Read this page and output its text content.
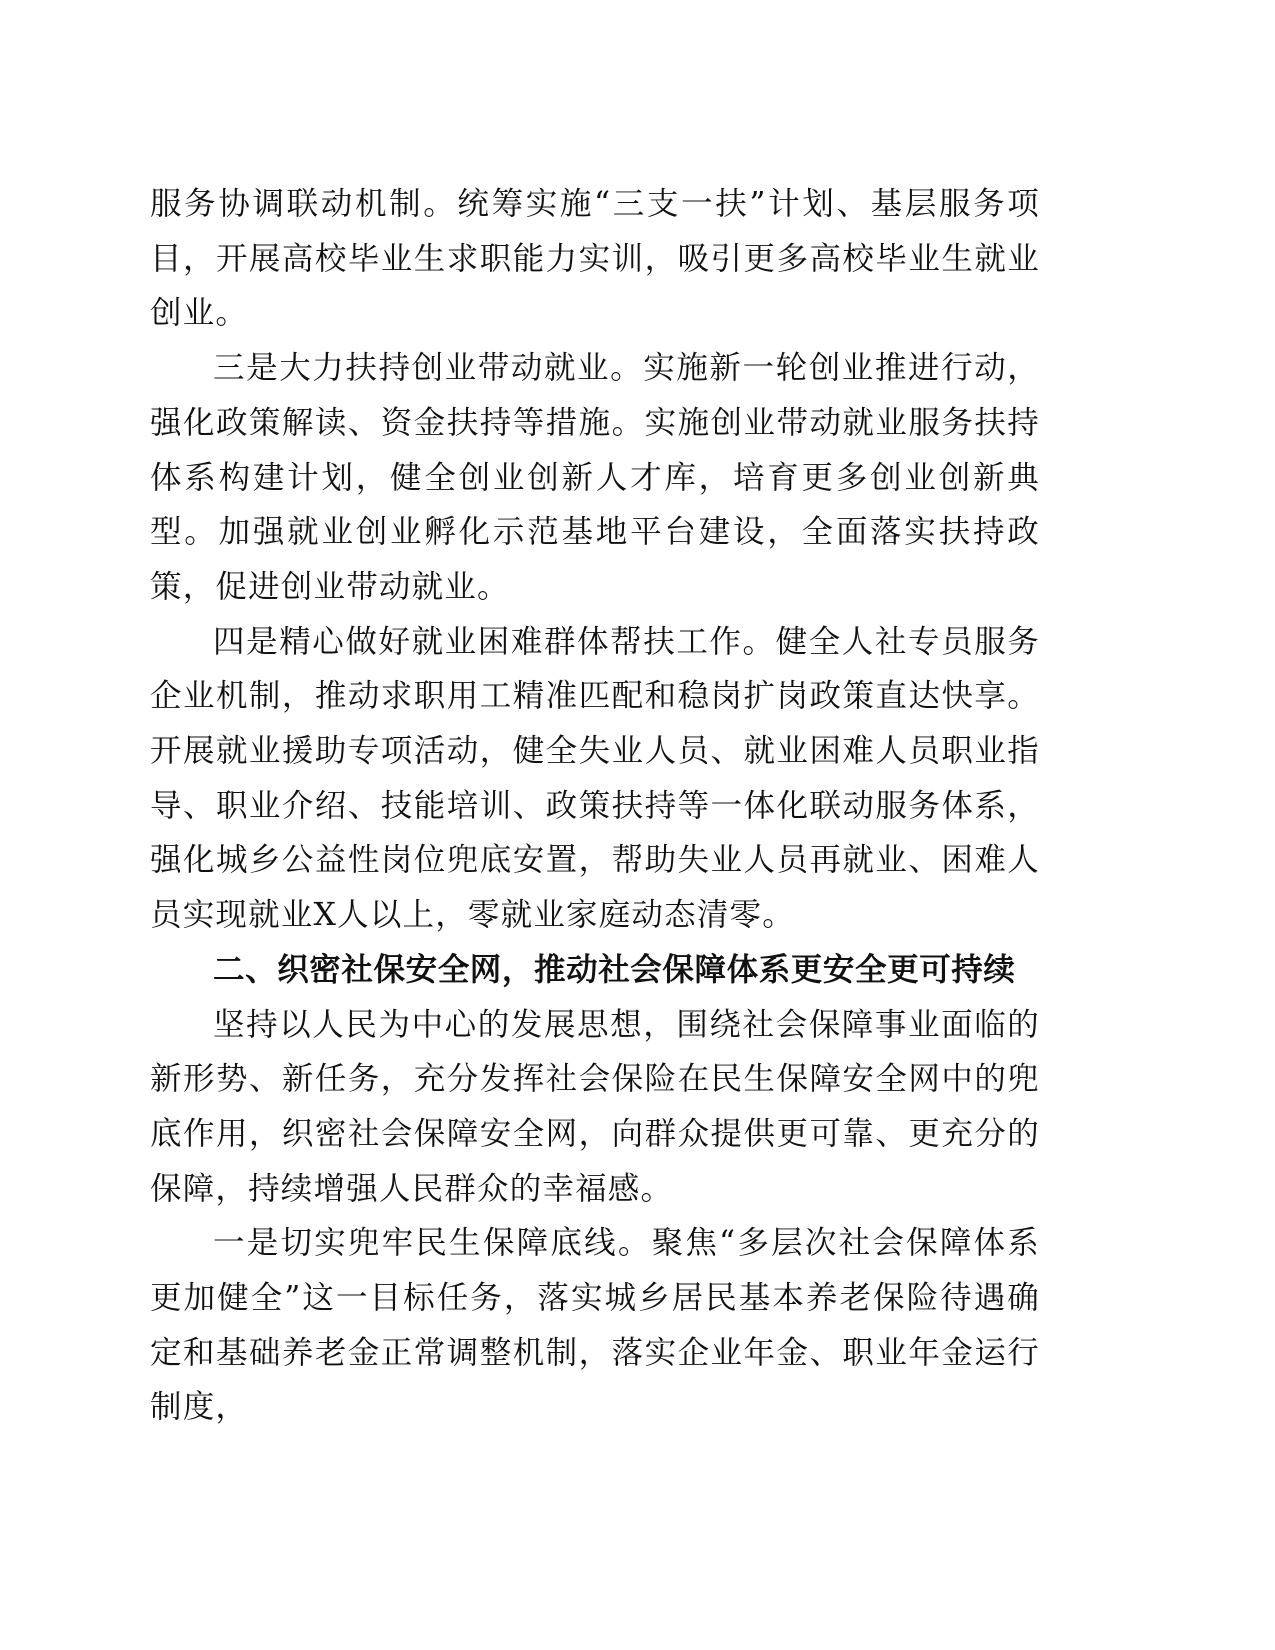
服务协调联动机制。统筹实施“三支一扶”计划、基层服务项目，开展高校毕业生求职能力实训，吸引更多高校毕业生就业创业。

三是大力扶持创业带动就业。实施新一轮创业推进行动，强化政策解读、资金扶持等措施。实施创业带动就业服务扶持体系构建计划，健全创业创新人才库，培育更多创业创新典型。加强就业创业孵化示范基地平台建设，全面落实扶持政策，促进创业带动就业。

四是精心做好就业困难群体帮扶工作。健全人社专员服务企业机制，推动求职用工精准匹配和稳岗扩岗政策直达快享。开展就业援助专项活动，健全失业人员、就业困难人员职业指导、职业介绍、技能培训、政策扶持等一体化联动服务体系，强化城乡公益性岗位兜底安置，帮助失业人员再就业、困难人员实现就业X人以上，零就业家庭动态清零。

二、织密社保安全网，推动社会保障体系更安全更可持续

坚持以人民为中心的发展思想，围绕社会保障事业面临的新形势、新任务，充分发挥社会保险在民生保障安全网中的兜底作用，织密社会保障安全网，向群众提供更可靠、更充分的保障，持续增强人民群众的幸福感。

一是切实兜牢民生保障底线。聚焦“多层次社会保障体系更加健全”这一目标任务，落实城乡居民基本养老保险待遇确定和基础养老金正常调整机制，落实企业年金、职业年金运行制度，
